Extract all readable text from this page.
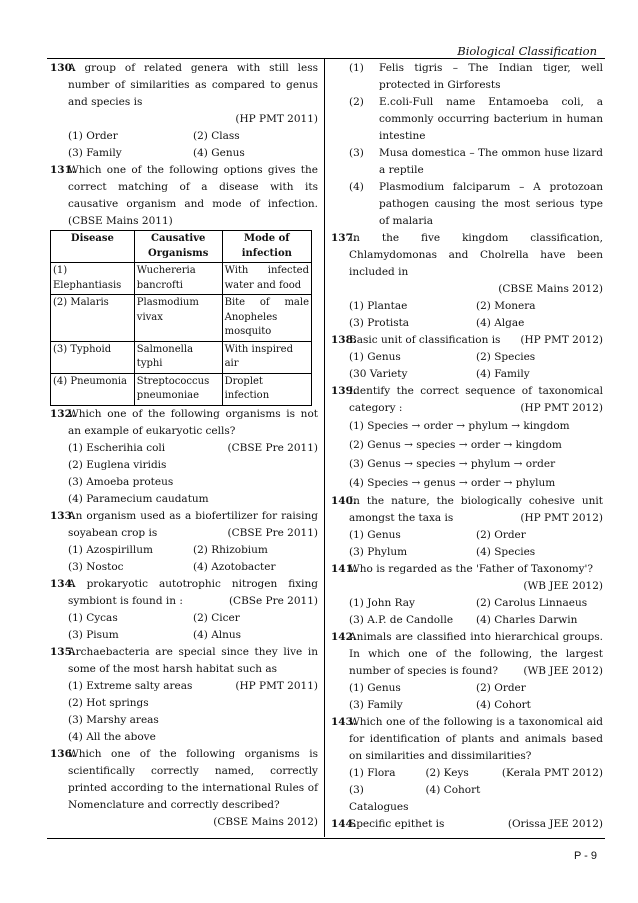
Biological Classification
P - 9

130.
A group of related genera with still less number of similarities as compared to genus and species is

(HP PMT 2011)

(1) Order	(2) Class
(3) Family	(4) Genus

131.
Which one of the following options gives the correct matching of a disease with its causative organism and mode of infection. (CBSE Mains 2011)

Disease	Causative Organisms	Mode of infection
(1) Elephantiasis	Wuchereria bancrofti	With infected water and food
(2) Malaris	Plasmodium vivax	Bite of male Anopheles mosquito
(3) Typhoid	Salmonella typhi	With inspired air
(4) Pneumonia	Streptococcus pneumoniae	Droplet infection

132.
Which one of the following organisms is not an example of eukaryotic cells?
(CBSE Pre 2011)

(1) Escherihia coli
(2) Euglena viridis
(3) Amoeba proteus
(4) Paramecium caudatum

133.
An organism used as a biofertilizer for raising soyabean crop is	(CBSE Pre 2011)

(1) Azospirillum	(2) Rhizobium
(3) Nostoc	(4) Azotobacter

134.
A prokaryotic autotrophic nitrogen fixing symbiont is found in :	(CBSe Pre 2011)

(1) Cycas	(2) Cicer
(3) Pisum	(4) Alnus

135.
Archaebacteria are special since they live in some of the most harsh habitat such as
(HP PMT 2011)

(1) Extreme salty areas
(2) Hot springs
(3) Marshy areas
(4) All the above

136.
Which one of the following organisms is scientifically correctly named, correctly printed according to the international Rules of Nomenclature and correctly described?

(CBSE Mains 2012)

(1) Felis tigris – The Indian tiger, well protected in Girforests
(2) E.coli-Full name Entamoeba coli, a commonly occurring bacterium in human intestine
(3) Musa domestica – The ommon huse lizard a reptile
(4) Plasmodium falciparum – A protozoan pathogen causing the most serious type of malaria

137.
In the five kingdom classification, Chlamydomonas and Cholrella have been included in

(CBSE Mains 2012)

(1) Plantae	(2) Monera
(3) Protista	(4) Algae

138.
Basic unit of classification is (HP PMT 2012)

(1) Genus	(2) Species
(30 Variety	(4) Family

139.
Identify the correct sequence of taxonomical category :	(HP PMT 2012)

(1) Species → order → phylum → kingdom
(2) Genus → species → order → kingdom
(3) Genus → species → phylum → order
(4) Species → genus → order → phylum

140.
In the nature, the biologically cohesive unit amongst the taxa is	(HP PMT 2012)

(1) Genus	(2) Order
(3) Phylum	(4) Species

141.
Who is regarded as the 'Father of Taxonomy'?

(WB JEE 2012)

(1) John Ray	(2) Carolus Linnaeus
(3) A.P. de Candolle	(4) Charles Darwin

142.
Animals are classified into hierarchical groups. In which one of the following, the largest number of species is found? (WB JEE 2012)

(1) Genus	(2) Order
(3) Family	(4) Cohort

143.
Which one of the following is a taxonomical aid for identification of plants and animals based on similarities and dissimilarities?
(Kerala PMT 2012)

(1) Flora	(2) Keys
(3) Catalogues
(4) Cohort

144.
Specific epithet is	(Orissa JEE 2012)
